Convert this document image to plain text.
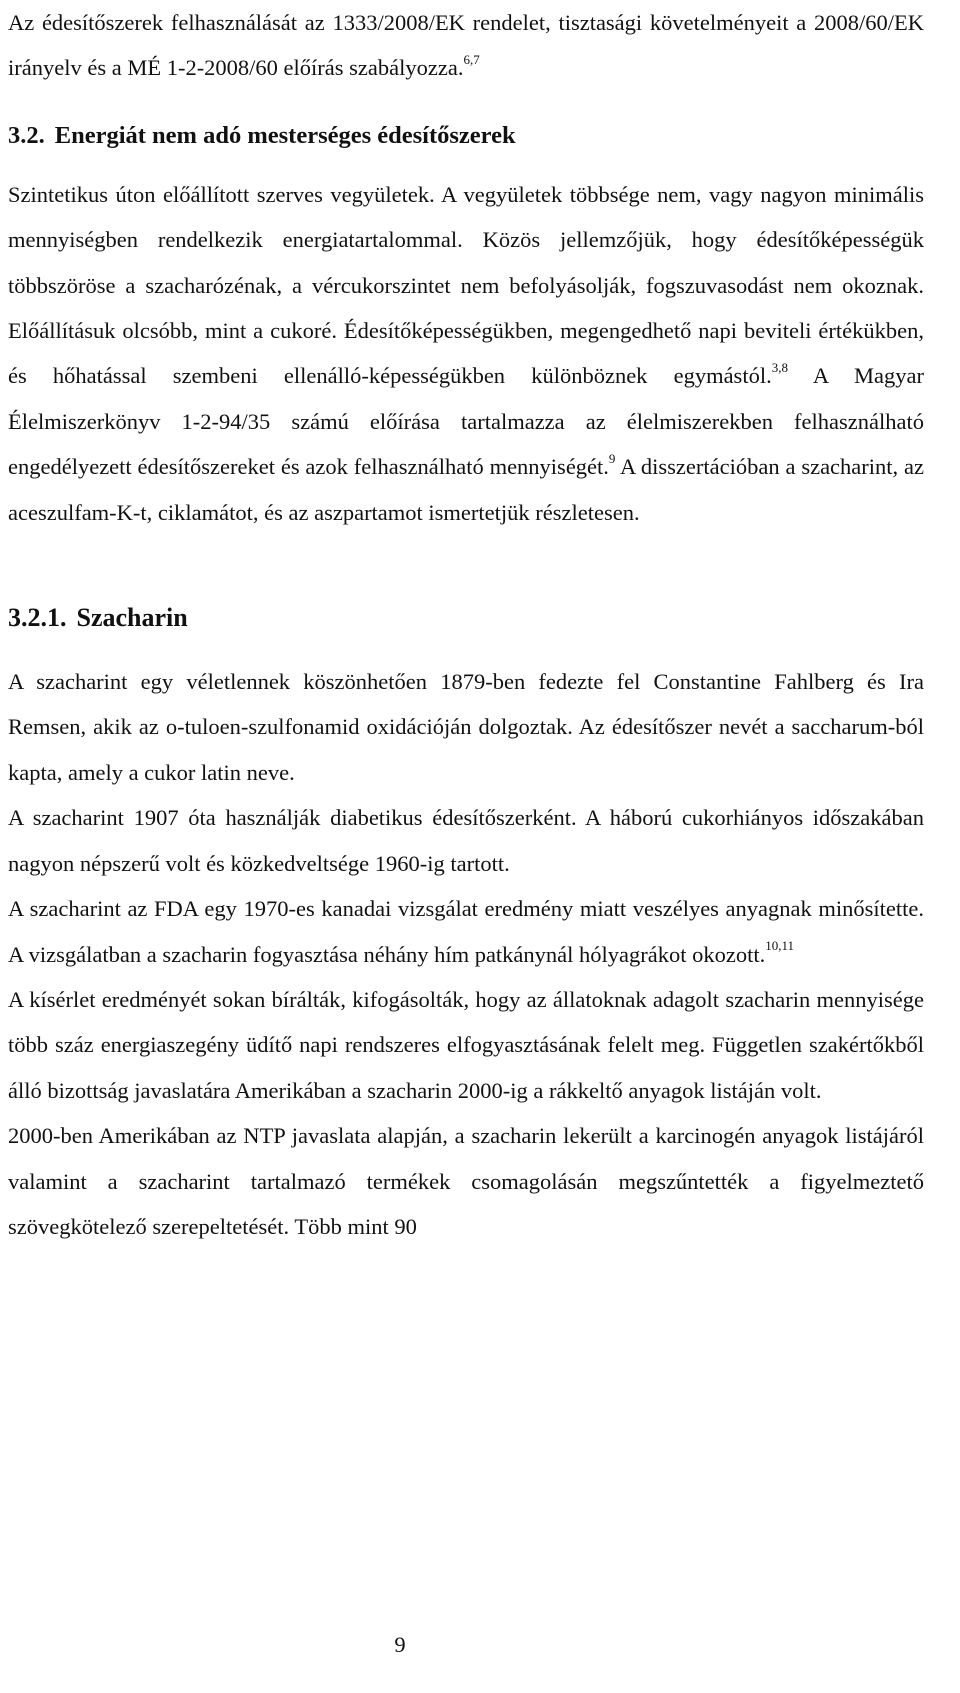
Az édesítőszerek felhasználását az 1333/2008/EK rendelet, tisztasági követelményeit a 2008/60/EK irányelv és a MÉ 1-2-2008/60 előírás szabályozza.$^{6,7}$

3.2. Energiát nem adó mesterséges édesítőszerek

Szintetikus úton előállított szerves vegyületek. A vegyületek többsége nem, vagy nagyon minimális mennyiségben rendelkezik energiatartalommal. Közös jellemzőjük, hogy édesítőképességük többszöröse a szacharózénak, a vércukorszintet nem befolyásolják, fogszuvasodást nem okoznak. Előállításuk olcsóbb, mint a cukoré. Édesítőképességükben, megengedhető napi beviteli értékükben, és hőhatással szembeni ellenálló-képességükben különböznek egymástól.$^{3,8}$ A Magyar Élelmiszerkönyv 1-2-94/35 számú előírása tartalmazza az élelmiszerekben felhasználható engedélyezett édesítőszereket és azok felhasználható mennyiségét.$^9$ A disszertációban a szacharint, az aceszulfam-K-t, ciklamátot, és az aszpartamot ismertetjük részletesen.

3.2.1. Szacharin

A szacharint egy véletlennek köszönhetően 1879-ben fedezte fel Constantine Fahlberg és Ira Remsen, akik az o-tuloen-szulfonamid oxidációján dolgoztak. Az édesítőszer nevét a saccharum-ból kapta, amely a cukor latin neve.

A szacharint 1907 óta használják diabetikus édesítőszerként. A háború cukorhiányos időszakában nagyon népszerű volt és közkedveltsége 1960-ig tartott.

A szacharint az FDA egy 1970-es kanadai vizsgálat eredmény miatt veszélyes anyagnak minősítette. A vizsgálatban a szacharin fogyasztása néhány hím patkánynál hólyagrákot okozott.$^{10,11}$

A kísérlet eredményét sokan bírálták, kifogásolták, hogy az állatoknak adagolt szacharin mennyisége több száz energiaszegény üdítő napi rendszeres elfogyasztásának felelt meg. Független szakértőkből álló bizottság javaslatára Amerikában a szacharin 2000-ig a rákkeltő anyagok listáján volt.

2000-ben Amerikában az NTP javaslata alapján, a szacharin lekerült a karcinogén anyagok listájáról valamint a szacharint tartalmazó termékek csomagolásán megszűntették a figyelmeztető szövegkötelező szerepeltetését. Több mint 90

9
